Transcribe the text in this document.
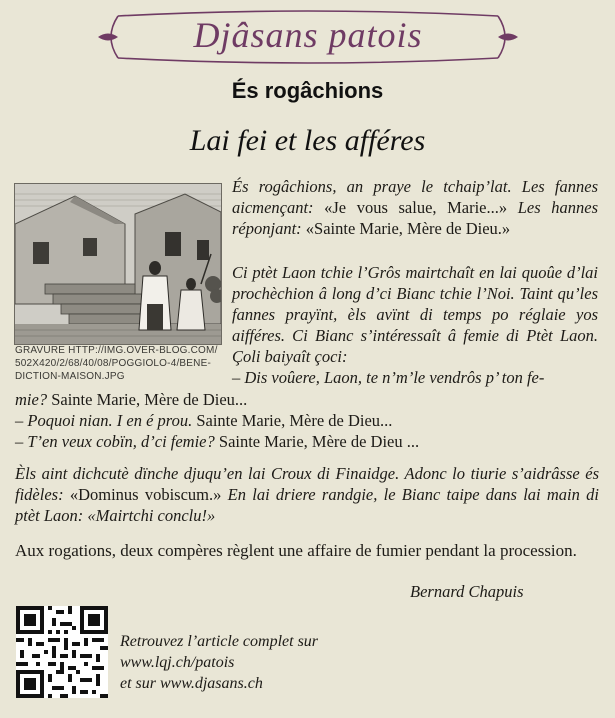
Djâsans patois
És rogâchions
Lai fei et les afféres
GRAVURE HTTP://IMG.OVER-BLOG.COM/ 502X420/2/68/40/08/POGGIOLO-4/BENE- DICTION-MAISON.JPG

És rogâchions, an praye le tchaip’lat. Les fannes aicmençant: «Je vous salue, Marie...» Les hannes réponjant: «Sainte Marie, Mère de Dieu.»

Ci ptèt Laon tchie l’Grôs mairtchaît en lai quoûe d’lai prochèchion â long d’ci Bianc tchie l’Noi. Taint qu’les fannes prayïnt, èls avïnt di temps po réglaie yos aifféres. Ci Bianc s’intéressaît â femie di Ptèt Laon. Çoli baiyaît çoci:

– Dis voûere, Laon, te n’m’le vendrôs p’ ton fe-

mie? Sainte Marie, Mère de Dieu...

– Poquoi nian. I en é prou. Sainte Marie, Mère de Dieu...

– T’en veux cobïn, d’ci femie? Sainte Marie, Mère de Dieu ...

Èls aint dichcutè dïnche djuqu’en lai Croux di Finaidge. Adonc lo tiurie s’aidrâsse és fidèles: «Dominus vobiscum.» En lai driere randgie, le Bianc taipe dans lai main di ptèt Laon: «Mairtchi conclu!»

Aux rogations, deux compères règlent une affaire de fumier pendant la procession.

Bernard Chapuis
Retrouvez l’article complet sur
www.lqj.ch/patois
et sur www.djasans.ch
